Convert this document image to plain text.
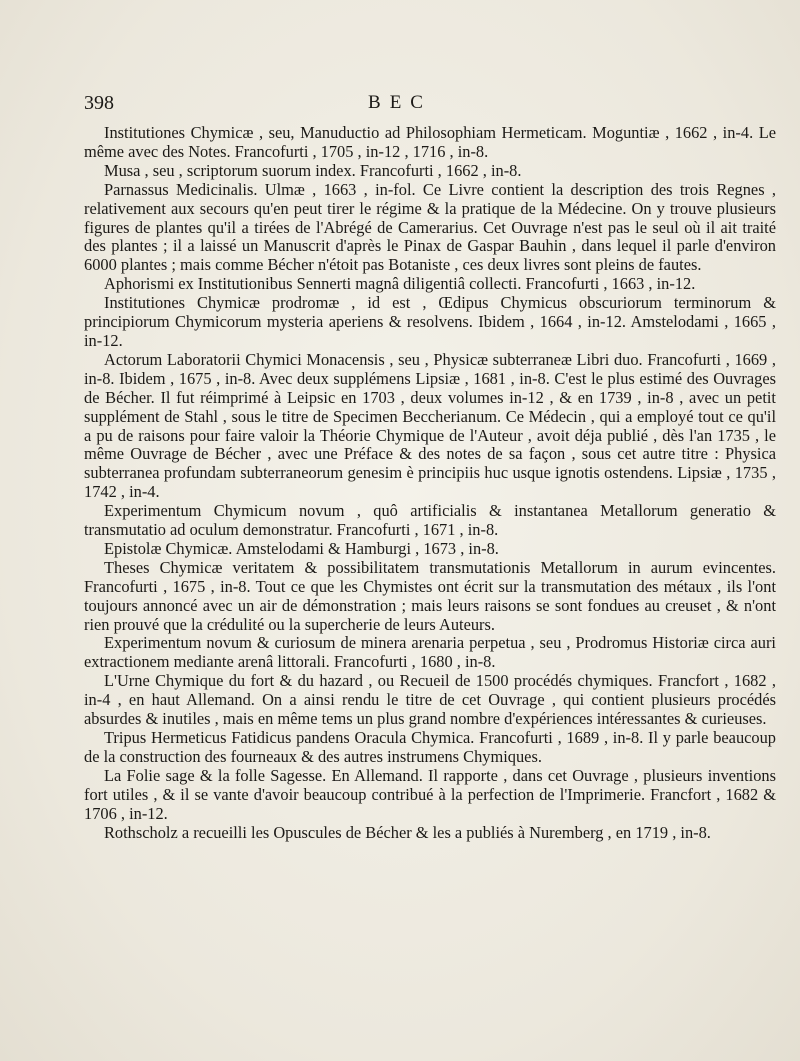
398	BEC

Institutiones Chymicæ , seu, Manuductio ad Philosophiam Hermeticam. Moguntiæ , 1662 , in-4. Le même avec des Notes. Francofurti , 1705 , in-12 , 1716 , in-8.

Musa , seu , scriptorum suorum index. Francofurti , 1662 , in-8.

Parnassus Medicinalis. Ulmæ , 1663 , in-fol. Ce Livre contient la description des trois Regnes , relativement aux secours qu'en peut tirer le régime & la pratique de la Médecine. On y trouve plusieurs figures de plantes qu'il a tirées de l'Abrégé de Camerarius. Cet Ouvrage n'est pas le seul où il ait traité des plantes ; il a laissé un Manuscrit d'après le Pinax de Gaspar Bauhin , dans lequel il parle d'environ 6000 plantes ; mais comme Bécher n'étoit pas Botaniste , ces deux livres sont pleins de fautes.

Aphorismi ex Institutionibus Sennerti magnâ diligentiâ collecti. Francofurti , 1663 , in-12.

Institutiones Chymicæ prodromæ , id est , Œdipus Chymicus obscuriorum terminorum & principiorum Chymicorum mysteria aperiens & resolvens. Ibidem , 1664 , in-12. Amstelodami , 1665 , in-12.

Actorum Laboratorii Chymici Monacensis , seu , Physicæ subterraneæ Libri duo. Francofurti , 1669 , in-8. Ibidem , 1675 , in-8. Avec deux supplémens Lipsiæ , 1681 , in-8. C'est le plus estimé des Ouvrages de Bécher. Il fut réimprimé à Leipsic en 1703 , deux volumes in-12 , & en 1739 , in-8 , avec un petit supplément de Stahl , sous le titre de Specimen Beccherianum. Ce Médecin , qui a employé tout ce qu'il a pu de raisons pour faire valoir la Théorie Chymique de l'Auteur , avoit déja publié , dès l'an 1735 , le même Ouvrage de Bécher , avec une Préface & des notes de sa façon , sous cet autre titre : Physica subterranea profundam subterraneorum genesim è principiis huc usque ignotis ostendens. Lipsiæ , 1735 , 1742 , in-4.

Experimentum Chymicum novum , quô artificialis & instantanea Metallorum generatio & transmutatio ad oculum demonstratur. Francofurti , 1671 , in-8.

Epistolæ Chymicæ. Amstelodami & Hamburgi , 1673 , in-8.

Theses Chymicæ veritatem & possibilitatem transmutationis Metallorum in aurum evincentes. Francofurti , 1675 , in-8. Tout ce que les Chymistes ont écrit sur la transmutation des métaux , ils l'ont toujours annoncé avec un air de démonstration ; mais leurs raisons se sont fondues au creuset , & n'ont rien prouvé que la crédulité ou la supercherie de leurs Auteurs.

Experimentum novum & curiosum de minera arenaria perpetua , seu , Prodromus Historiæ circa auri extractionem mediante arenâ littorali. Francofurti , 1680 , in-8.

L'Urne Chymique du fort & du hazard , ou Recueil de 1500 procédés chymiques. Francfort , 1682 , in-4 , en haut Allemand. On a ainsi rendu le titre de cet Ouvrage , qui contient plusieurs procédés absurdes & inutiles , mais en même tems un plus grand nombre d'expériences intéressantes & curieuses.

Tripus Hermeticus Fatidicus pandens Oracula Chymica. Francofurti , 1689 , in-8. Il y parle beaucoup de la construction des fourneaux & des autres instrumens Chymiques.

La Folie sage & la folle Sagesse. En Allemand. Il rapporte , dans cet Ouvrage , plusieurs inventions fort utiles , & il se vante d'avoir beaucoup contribué à la perfection de l'Imprimerie. Francfort , 1682 & 1706 , in-12.

Rothscholz a recueilli les Opuscules de Bécher & les a publiés à Nuremberg , en 1719 , in-8.
